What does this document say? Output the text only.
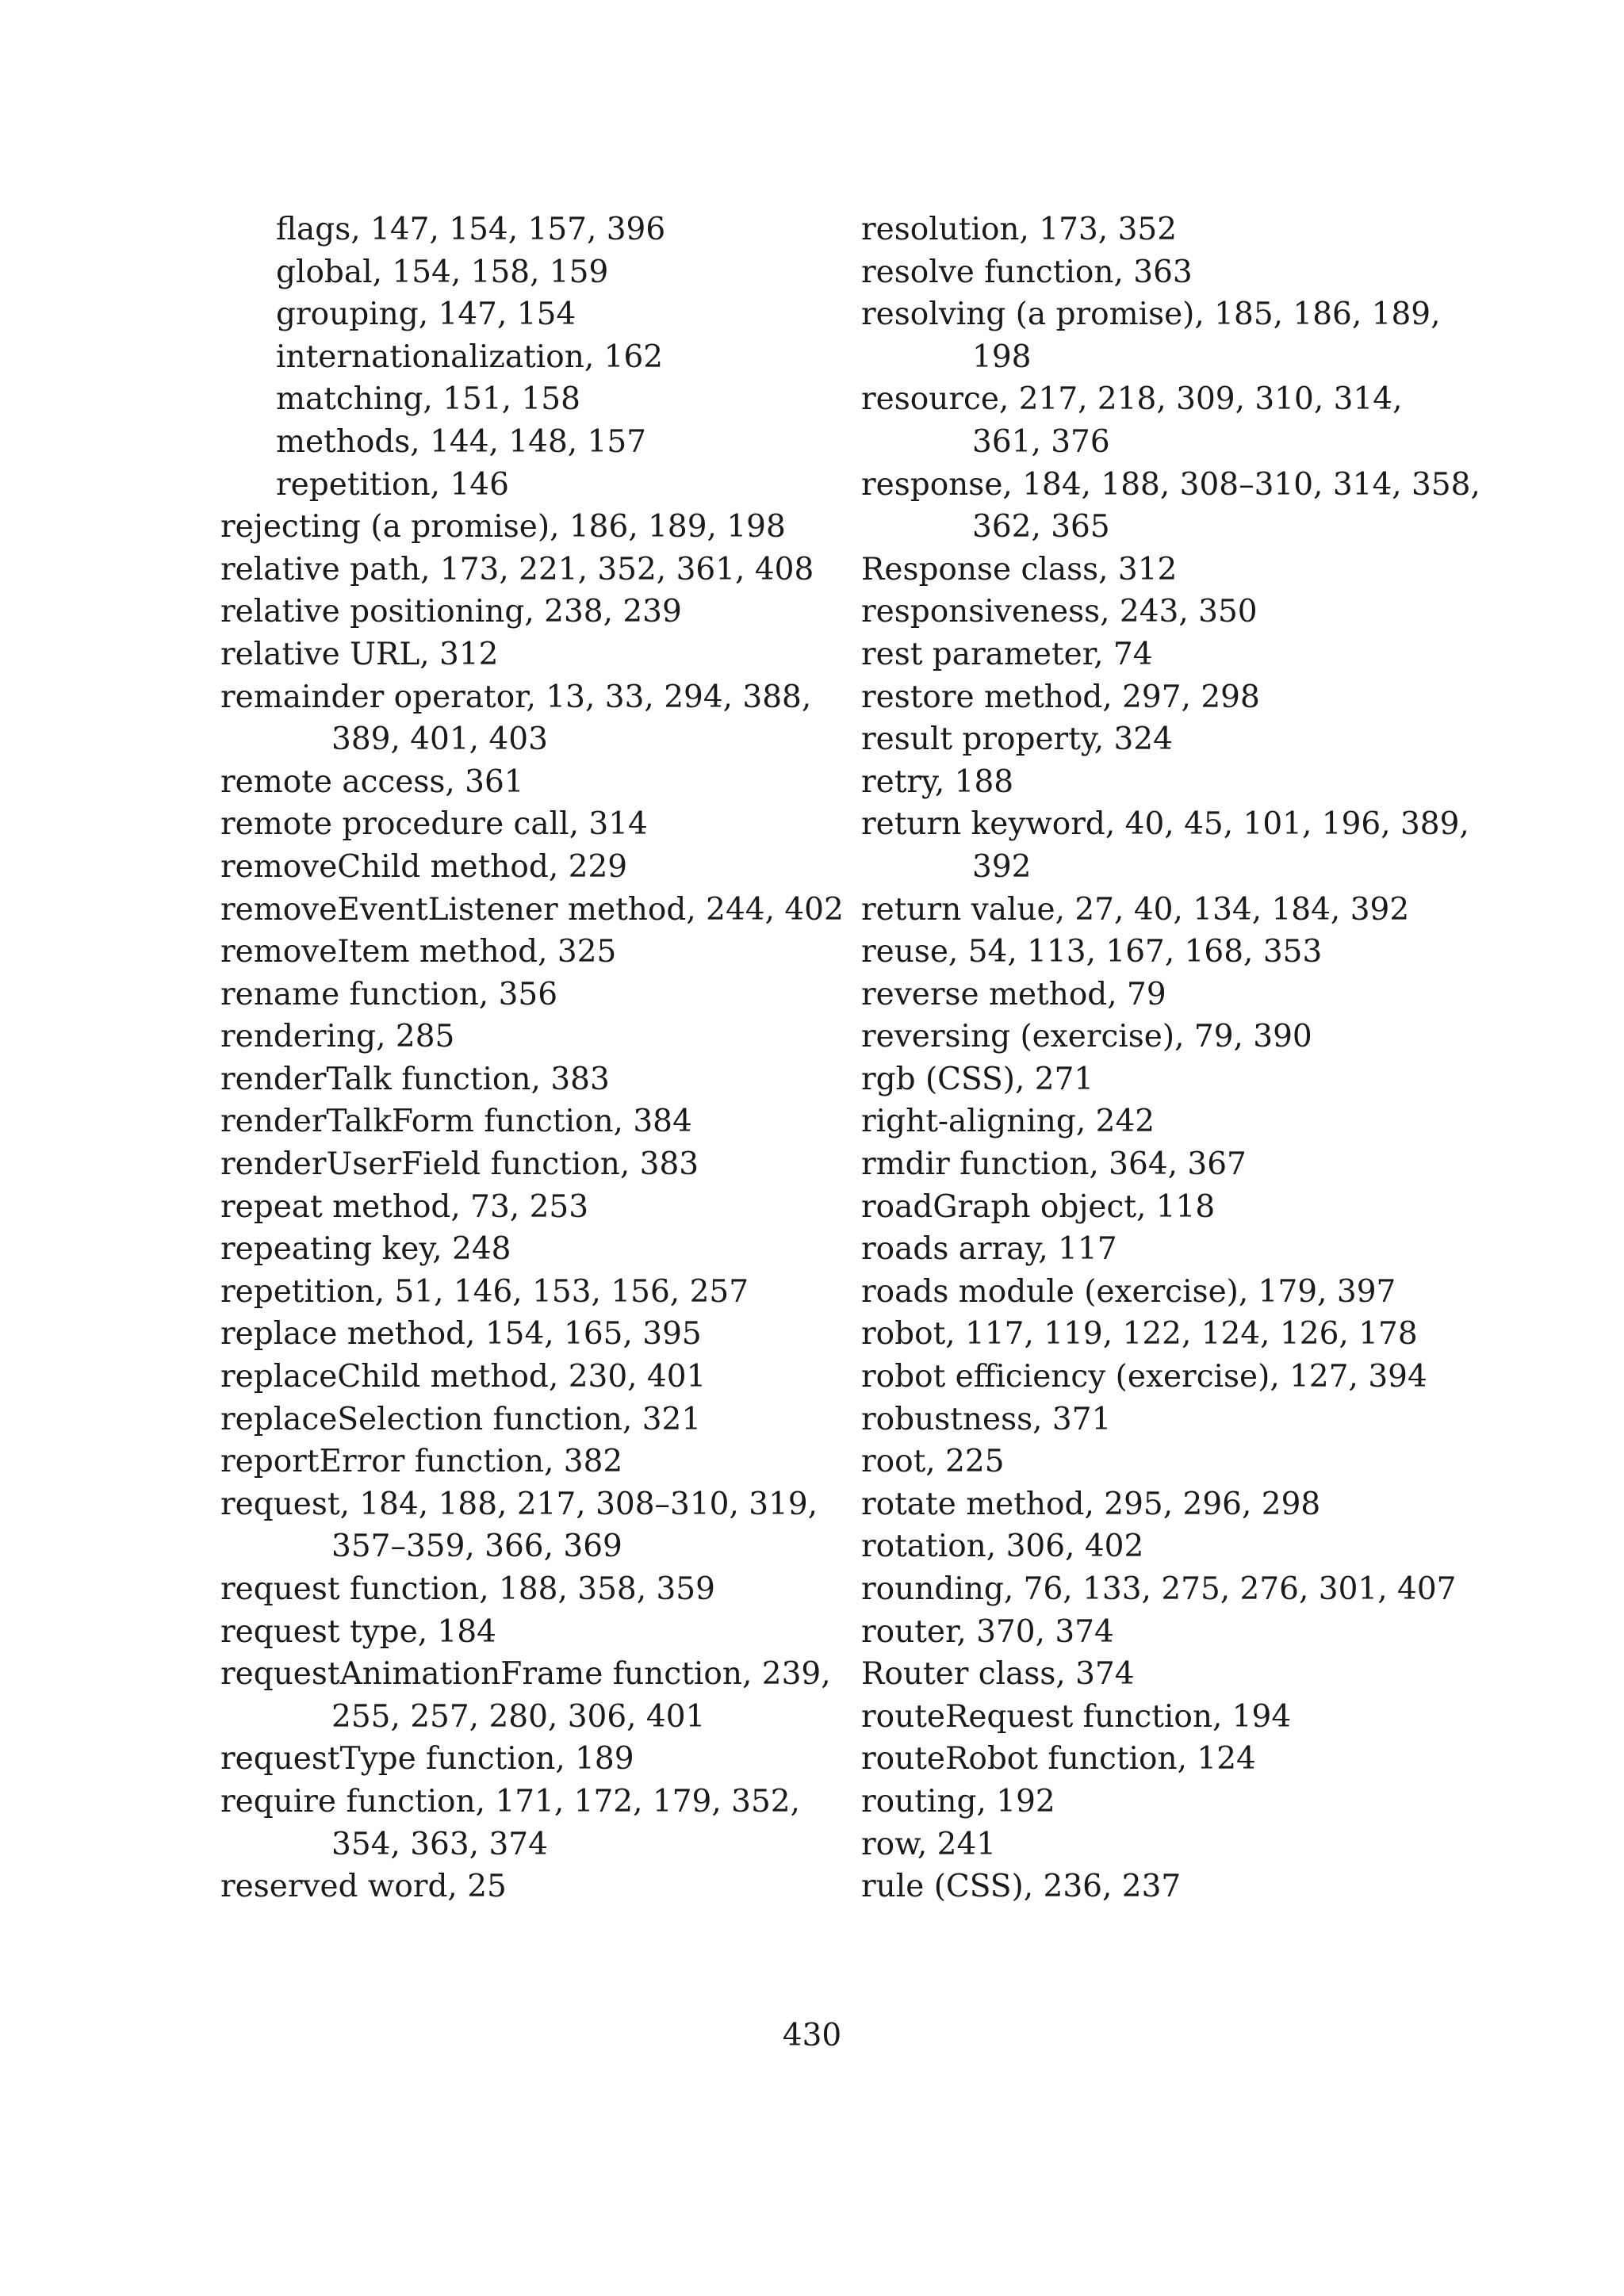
flags, 147, 154, 157, 396
global, 154, 158, 159
grouping, 147, 154
internationalization, 162
matching, 151, 158
methods, 144, 148, 157
repetition, 146
rejecting (a promise), 186, 189, 198
relative path, 173, 221, 352, 361, 408
relative positioning, 238, 239
relative URL, 312
remainder operator, 13, 33, 294, 388,
389, 401, 403
remote access, 361
remote procedure call, 314
removeChild method, 229
removeEventListener method, 244, 402
removeItem method, 325
rename function, 356
rendering, 285
renderTalk function, 383
renderTalkForm function, 384
renderUserField function, 383
repeat method, 73, 253
repeating key, 248
repetition, 51, 146, 153, 156, 257
replace method, 154, 165, 395
replaceChild method, 230, 401
replaceSelection function, 321
reportError function, 382
request, 184, 188, 217, 308–310, 319,
357–359, 366, 369
request function, 188, 358, 359
request type, 184
requestAnimationFrame function, 239,
255, 257, 280, 306, 401
requestType function, 189
require function, 171, 172, 179, 352,
354, 363, 374
reserved word, 25
resolution, 173, 352
resolve function, 363
resolving (a promise), 185, 186, 189,
198
resource, 217, 218, 309, 310, 314,
361, 376
response, 184, 188, 308–310, 314, 358,
362, 365
Response class, 312
responsiveness, 243, 350
rest parameter, 74
restore method, 297, 298
result property, 324
retry, 188
return keyword, 40, 45, 101, 196, 389,
392
return value, 27, 40, 134, 184, 392
reuse, 54, 113, 167, 168, 353
reverse method, 79
reversing (exercise), 79, 390
rgb (CSS), 271
right-aligning, 242
rmdir function, 364, 367
roadGraph object, 118
roads array, 117
roads module (exercise), 179, 397
robot, 117, 119, 122, 124, 126, 178
robot efficiency (exercise), 127, 394
robustness, 371
root, 225
rotate method, 295, 296, 298
rotation, 306, 402
rounding, 76, 133, 275, 276, 301, 407
router, 370, 374
Router class, 374
routeRequest function, 194
routeRobot function, 124
routing, 192
row, 241
rule (CSS), 236, 237
430
